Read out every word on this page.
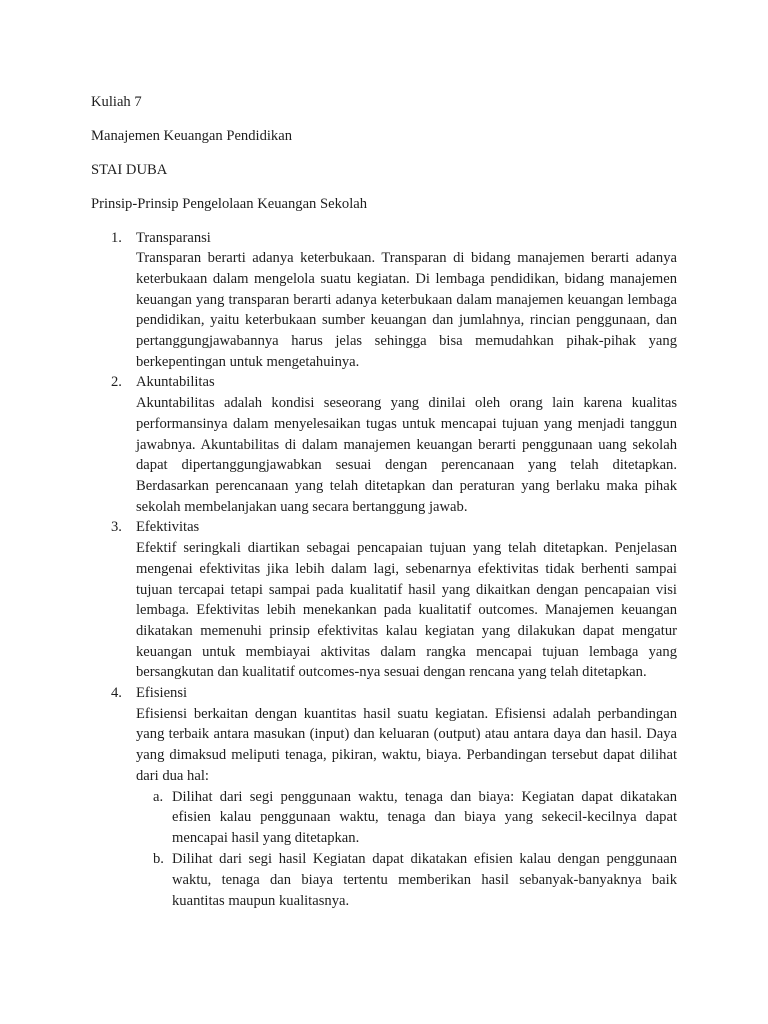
Kuliah 7

Manajemen Keuangan Pendidikan

STAI DUBA

Prinsip-Prinsip Pengelolaan Keuangan Sekolah

1. Transparansi
Transparan berarti adanya keterbukaan. Transparan di bidang manajemen berarti adanya keterbukaan dalam mengelola suatu kegiatan. Di lembaga pendidikan, bidang manajemen keuangan yang transparan berarti adanya keterbukaan dalam manajemen keuangan lembaga pendidikan, yaitu keterbukaan sumber keuangan dan jumlahnya, rincian penggunaan, dan pertanggungjawabannya harus jelas sehingga bisa memudahkan pihak-pihak yang berkepentingan untuk mengetahuinya.
2. Akuntabilitas
Akuntabilitas adalah kondisi seseorang yang dinilai oleh orang lain karena kualitas performansinya dalam menyelesaikan tugas untuk mencapai tujuan yang menjadi tanggun jawabnya. Akuntabilitas di dalam manajemen keuangan berarti penggunaan uang sekolah dapat dipertanggungjawabkan sesuai dengan perencanaan yang telah ditetapkan. Berdasarkan perencanaan yang telah ditetapkan dan peraturan yang berlaku maka pihak sekolah membelanjakan uang secara bertanggung jawab.
3. Efektivitas
Efektif seringkali diartikan sebagai pencapaian tujuan yang telah ditetapkan. Penjelasan mengenai efektivitas jika lebih dalam lagi, sebenarnya efektivitas tidak berhenti sampai tujuan tercapai tetapi sampai pada kualitatif hasil yang dikaitkan dengan pencapaian visi lembaga. Efektivitas lebih menekankan pada kualitatif outcomes. Manajemen keuangan dikatakan memenuhi prinsip efektivitas kalau kegiatan yang dilakukan dapat mengatur keuangan untuk membiayai aktivitas dalam rangka mencapai tujuan lembaga yang bersangkutan dan kualitatif outcomes-nya sesuai dengan rencana yang telah ditetapkan.
4. Efisiensi
Efisiensi berkaitan dengan kuantitas hasil suatu kegiatan. Efisiensi adalah perbandingan yang terbaik antara masukan (input) dan keluaran (output) atau antara daya dan hasil. Daya yang dimaksud meliputi tenaga, pikiran, waktu, biaya. Perbandingan tersebut dapat dilihat dari dua hal:
a. Dilihat dari segi penggunaan waktu, tenaga dan biaya: Kegiatan dapat dikatakan efisien kalau penggunaan waktu, tenaga dan biaya yang sekecil-kecilnya dapat mencapai hasil yang ditetapkan.
b. Dilihat dari segi hasil Kegiatan dapat dikatakan efisien kalau dengan penggunaan waktu, tenaga dan biaya tertentu memberikan hasil sebanyak-banyaknya baik kuantitas maupun kualitasnya.
